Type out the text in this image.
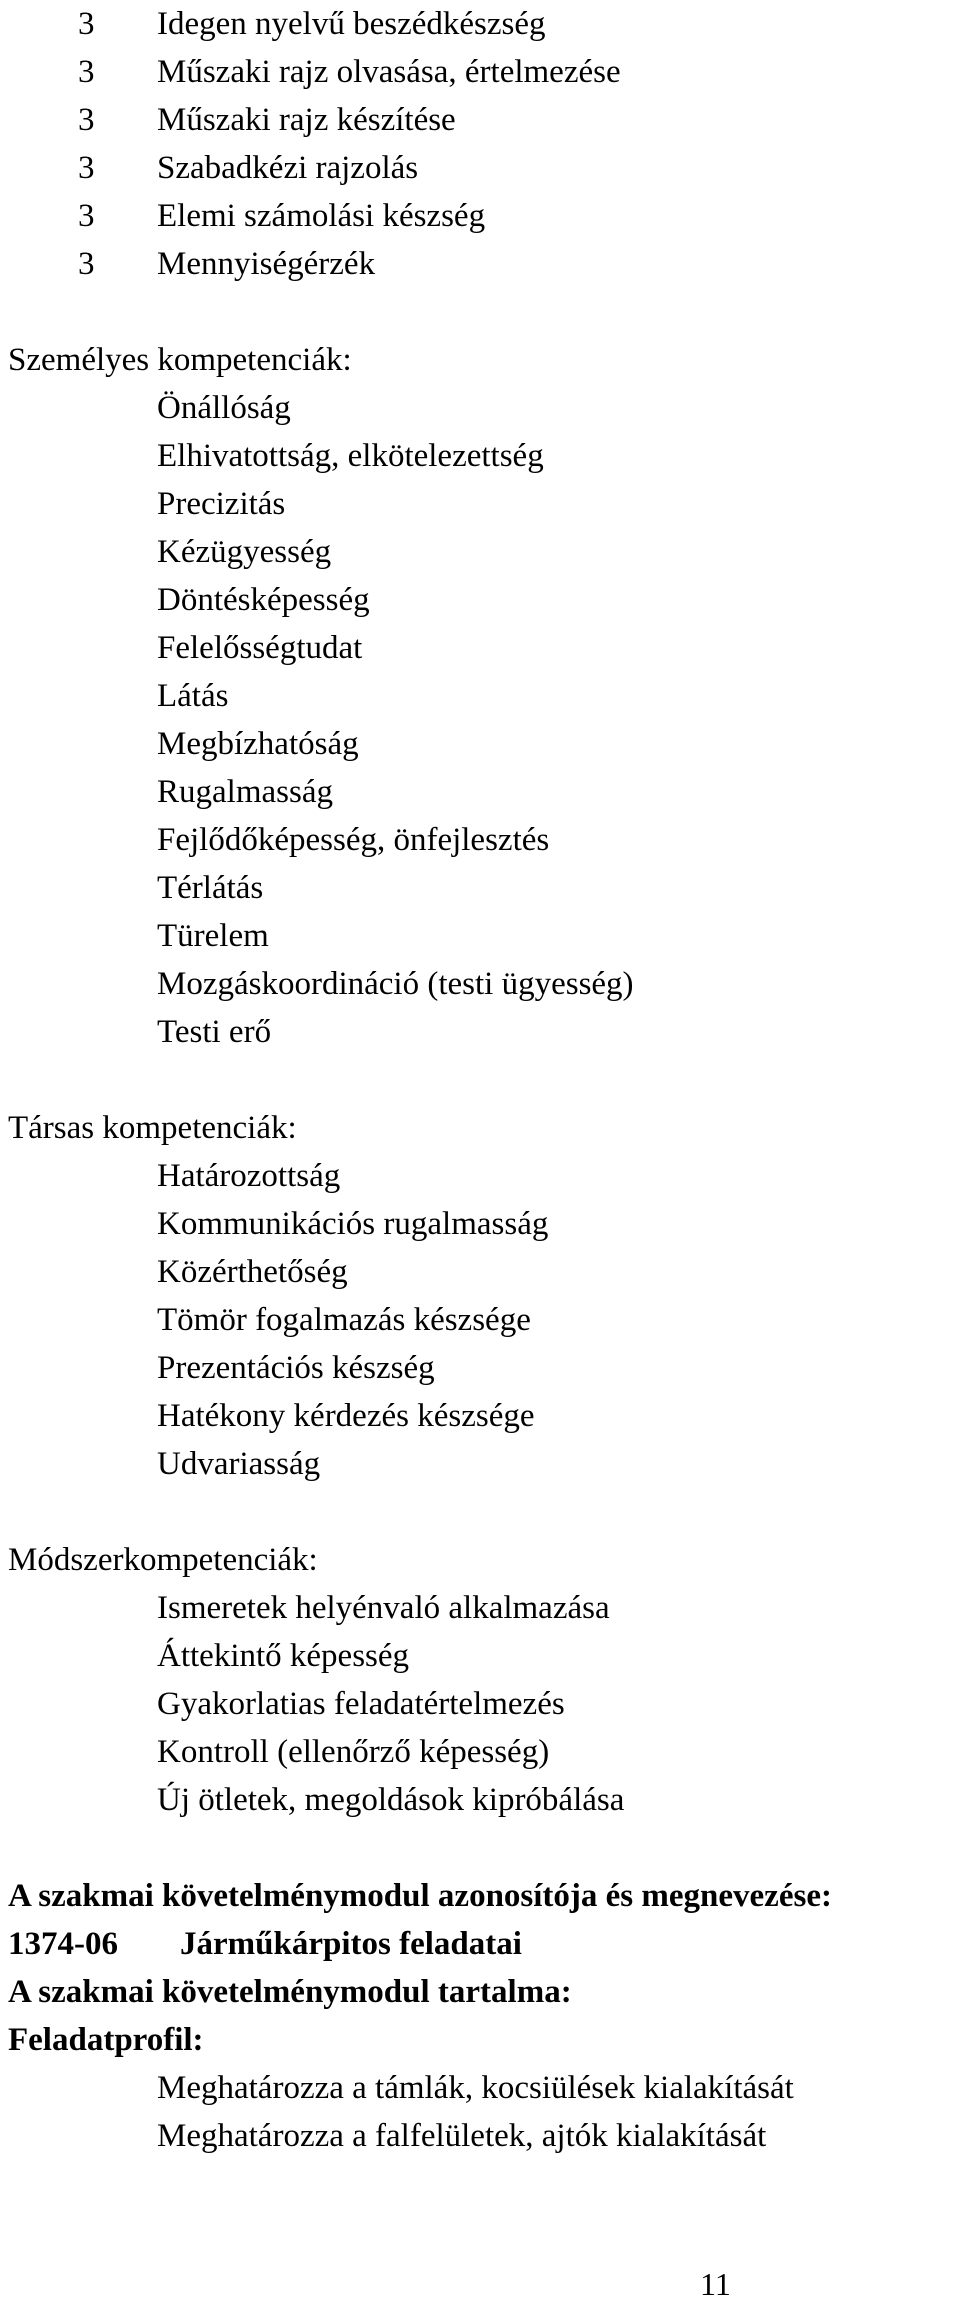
3 Idegen nyelvű beszédkészség
3 Műszaki rajz olvasása, értelmezése
3 Műszaki rajz készítése
3 Szabadkézi rajzolás
3 Elemi számolási készség
3 Mennyiségérzék
Személyes kompetenciák:
Önállóság
Elhivatottság, elkötelezettség
Precizitás
Kézügyesség
Döntésképesség
Felelősségtudat
Látás
Megbízhatóság
Rugalmasság
Fejlődőképesség, önfejlesztés
Térlátás
Türelem
Mozgáskoordináció (testi ügyesség)
Testi erő
Társas kompetenciák:
Határozottság
Kommunikációs rugalmasság
Közérthetőség
Tömör fogalmazás készsége
Prezentációs készség
Hatékony kérdezés készsége
Udvariasság
Módszerkompetenciák:
Ismeretek helyénvaló alkalmazása
Áttekintő képesség
Gyakorlatias feladatértelmezés
Kontroll (ellenőrző képesség)
Új ötletek, megoldások kipróbálása
A szakmai követelménymodul azonosítója és megnevezése:
1374-06 Járműkárpitos feladatai
A szakmai követelménymodul tartalma:
Feladatprofil:
Meghatározza a támlák, kocsiülések kialakítását
Meghatározza a falfelületek, ajtók kialakítását
11
